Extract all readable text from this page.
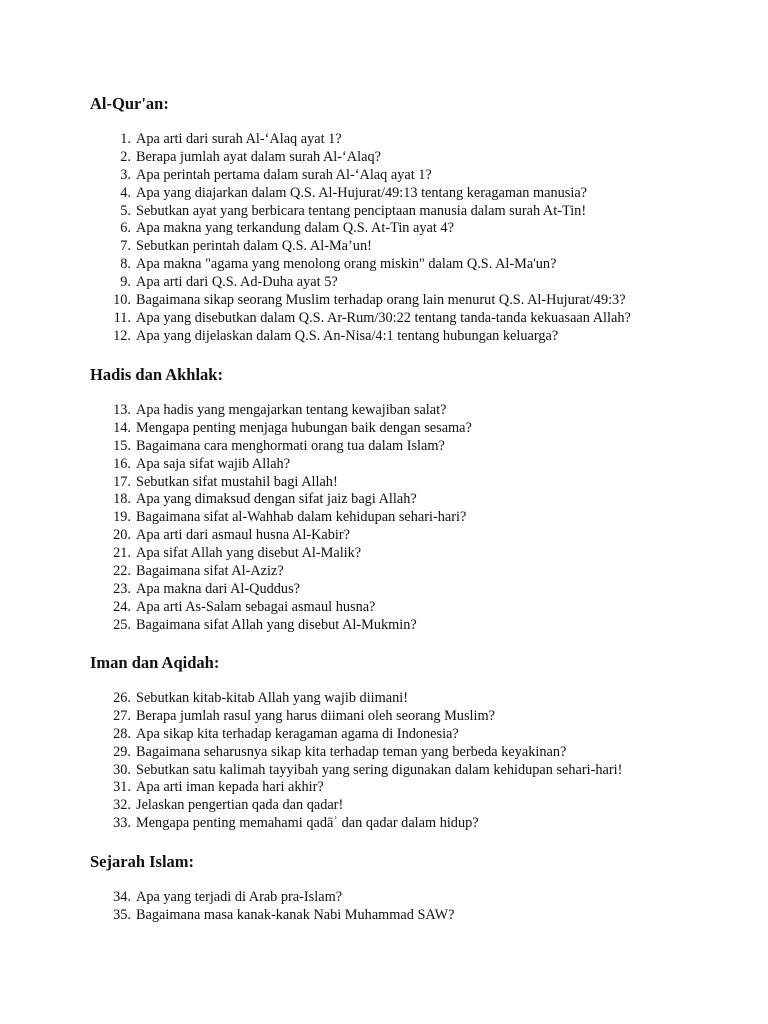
Al-Qur'an:
1. Apa arti dari surah Al-‘Alaq ayat 1?
2. Berapa jumlah ayat dalam surah Al-‘Alaq?
3. Apa perintah pertama dalam surah Al-‘Alaq ayat 1?
4. Apa yang diajarkan dalam Q.S. Al-Hujurat/49:13 tentang keragaman manusia?
5. Sebutkan ayat yang berbicara tentang penciptaan manusia dalam surah At-Tin!
6. Apa makna yang terkandung dalam Q.S. At-Tin ayat 4?
7. Sebutkan perintah dalam Q.S. Al-Ma’un!
8. Apa makna "agama yang menolong orang miskin" dalam Q.S. Al-Ma'un?
9. Apa arti dari Q.S. Ad-Duha ayat 5?
10. Bagaimana sikap seorang Muslim terhadap orang lain menurut Q.S. Al-Hujurat/49:3?
11. Apa yang disebutkan dalam Q.S. Ar-Rum/30:22 tentang tanda-tanda kekuasaan Allah?
12. Apa yang dijelaskan dalam Q.S. An-Nisa/4:1 tentang hubungan keluarga?
Hadis dan Akhlak:
13. Apa hadis yang mengajarkan tentang kewajiban salat?
14. Mengapa penting menjaga hubungan baik dengan sesama?
15. Bagaimana cara menghormati orang tua dalam Islam?
16. Apa saja sifat wajib Allah?
17. Sebutkan sifat mustahil bagi Allah!
18. Apa yang dimaksud dengan sifat jaiz bagi Allah?
19. Bagaimana sifat al-Wahhab dalam kehidupan sehari-hari?
20. Apa arti dari asmaul husna Al-Kabir?
21. Apa sifat Allah yang disebut Al-Malik?
22. Bagaimana sifat Al-Aziz?
23. Apa makna dari Al-Quddus?
24. Apa arti As-Salam sebagai asmaul husna?
25. Bagaimana sifat Allah yang disebut Al-Mukmin?
Iman dan Aqidah:
26. Sebutkan kitab-kitab Allah yang wajib diimani!
27. Berapa jumlah rasul yang harus diimani oleh seorang Muslim?
28. Apa sikap kita terhadap keragaman agama di Indonesia?
29. Bagaimana seharusnya sikap kita terhadap teman yang berbeda keyakinan?
30. Sebutkan satu kalimah tayyibah yang sering digunakan dalam kehidupan sehari-hari!
31. Apa arti iman kepada hari akhir?
32. Jelaskan pengertian qada dan qadar!
33. Mengapa penting memahami qadāʾ dan qadar dalam hidup?
Sejarah Islam:
34. Apa yang terjadi di Arab pra-Islam?
35. Bagaimana masa kanak-kanak Nabi Muhammad SAW?
